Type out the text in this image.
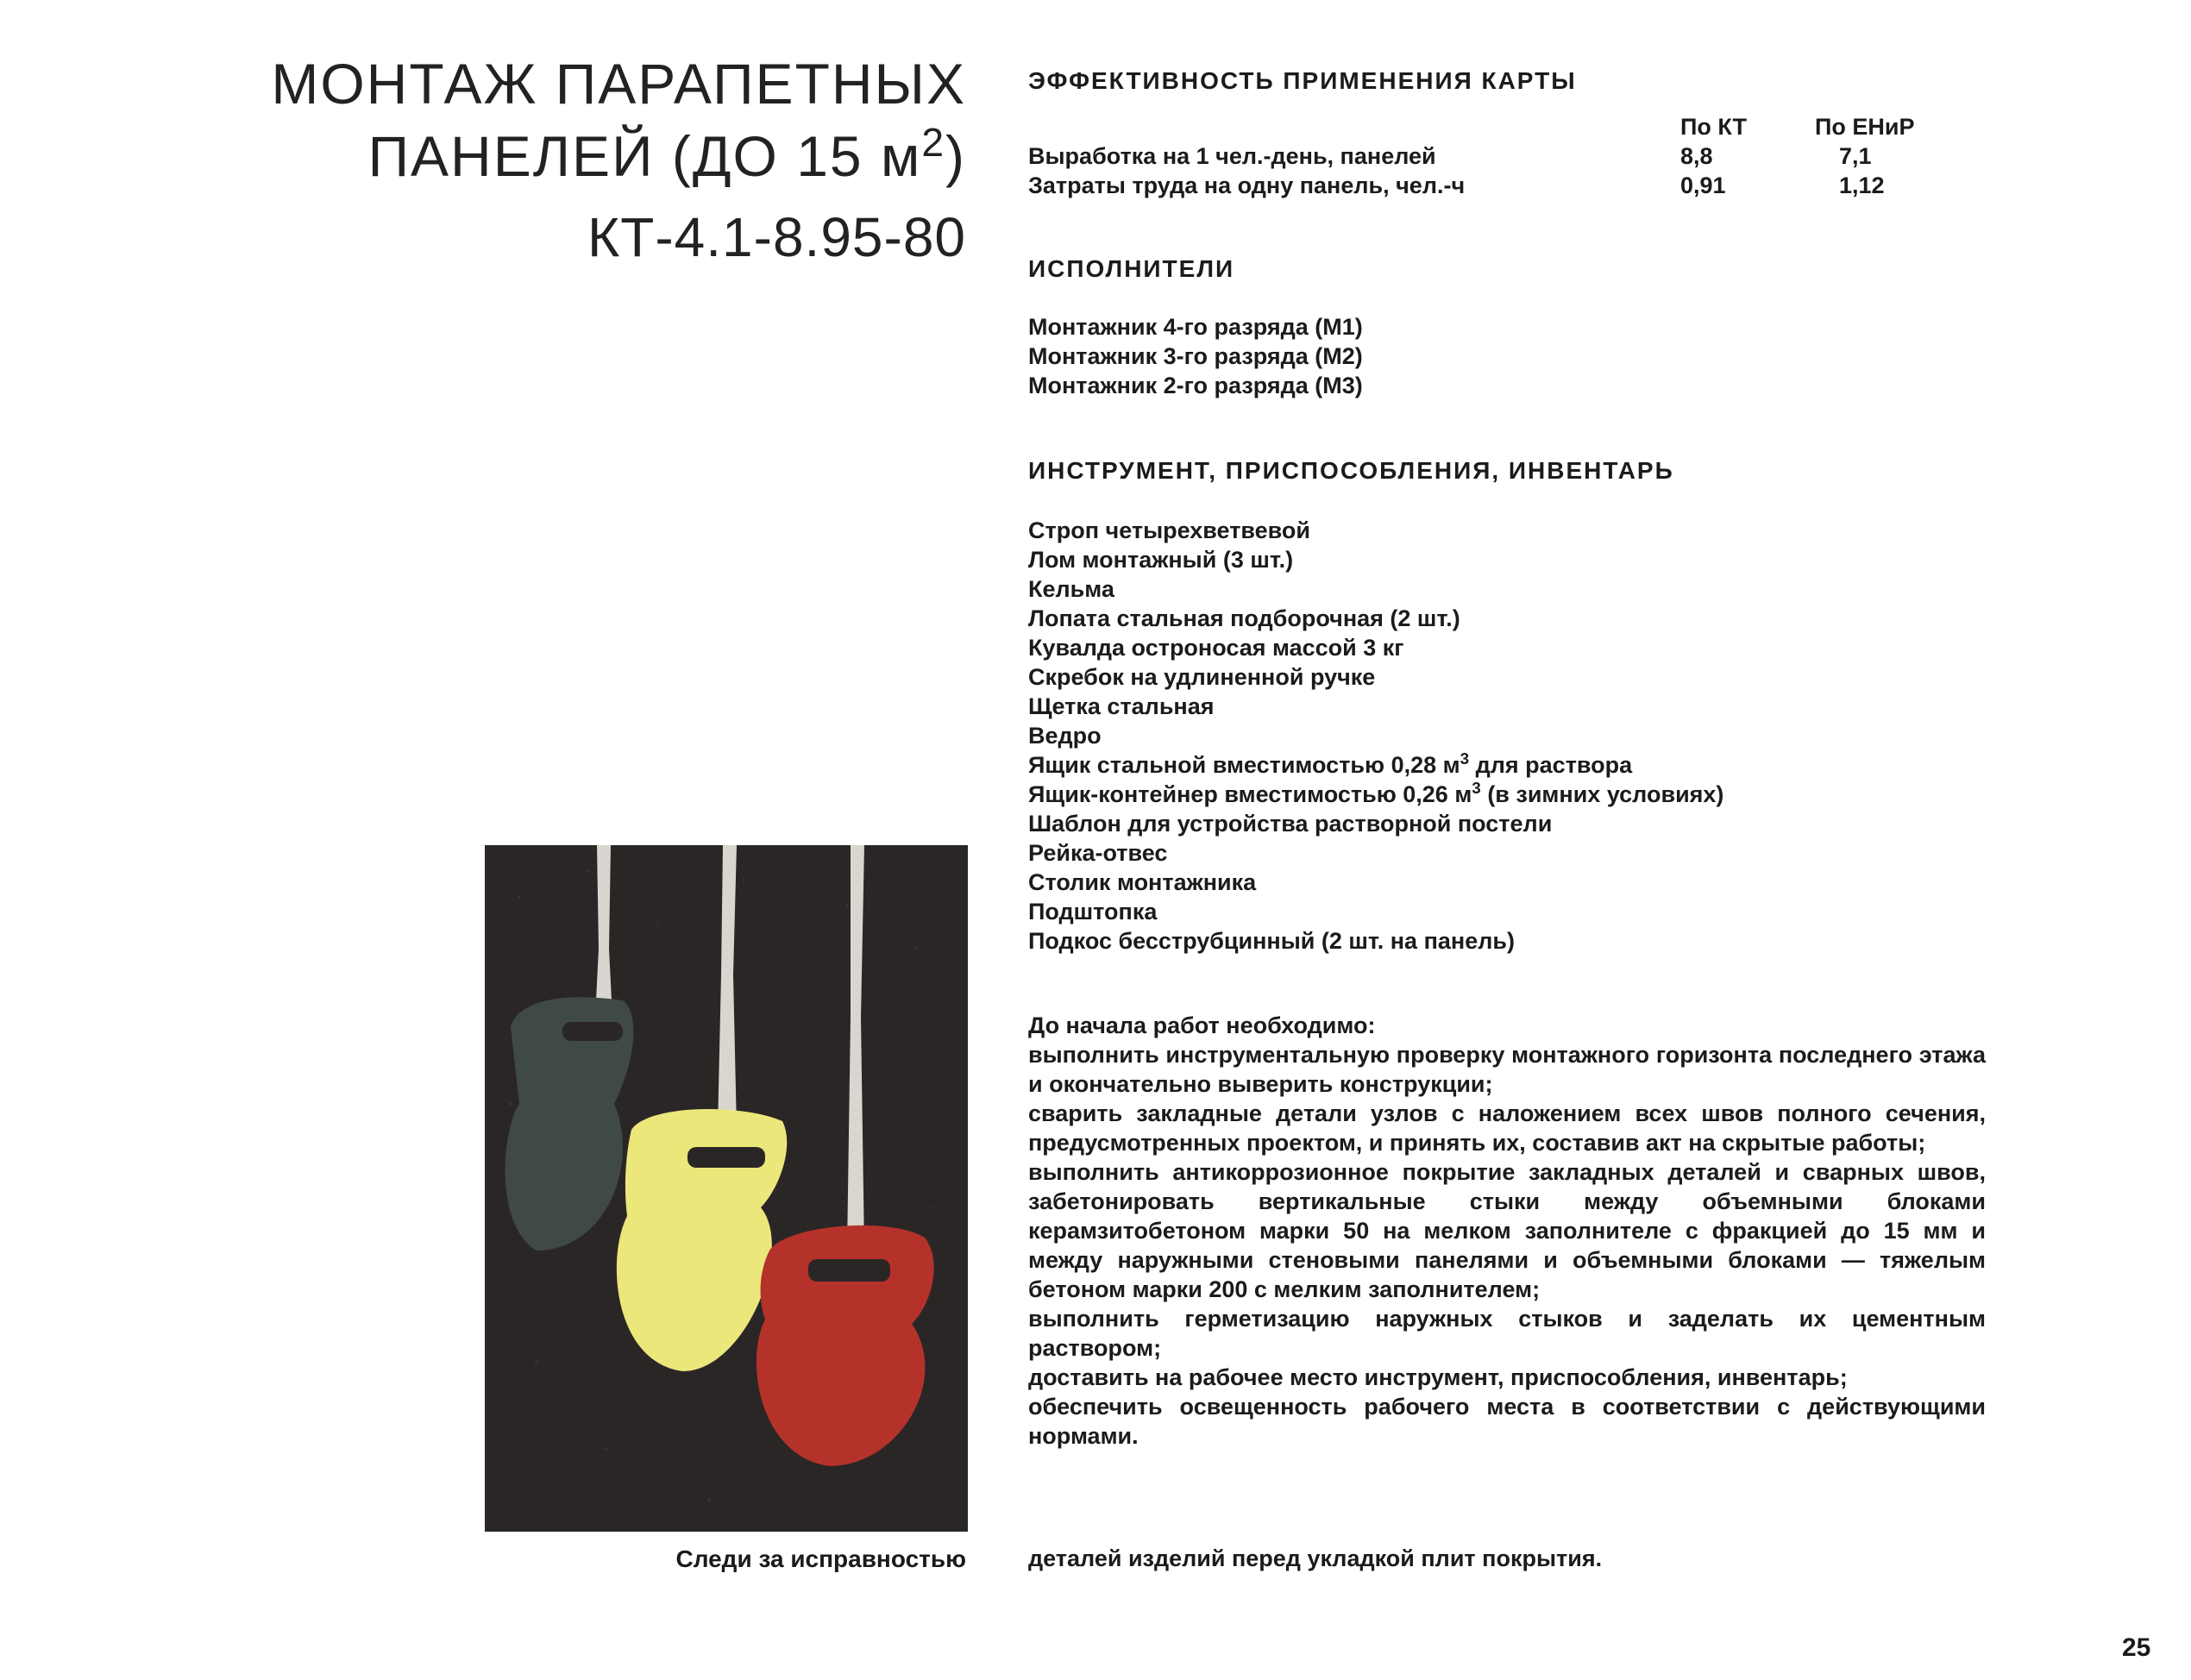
МОНТАЖ ПАРАПЕТНЫХ
ПАНЕЛЕЙ (ДО 15 $м^2$)
КТ-4.1-8.95-80
Следи за исправностью
ЭФФЕКТИВНОСТЬ ПРИМЕНЕНИЯ КАРТЫ
По КТ	По ЕНиР
Выработка на 1 чел.-день, панелей	8,8	7,1
Затраты труда на одну панель, чел.-ч	0,91	1,12
ИСПОЛНИТЕЛИ
Монтажник 4-го разряда (М1)
Монтажник 3-го разряда (М2)
Монтажник 2-го разряда (М3)
ИНСТРУМЕНТ, ПРИСПОСОБЛЕНИЯ, ИНВЕНТАРЬ
Строп четырехветвевой
Лом монтажный (3 шт.)
Кельма
Лопата стальная подборочная (2 шт.)
Кувалда остроносая массой 3 кг
Скребок на удлиненной ручке
Щетка стальная
Ведро
Ящик стальной вместимостью 0,28 $м^3$ для раствора
Ящик-контейнер вместимостью 0,26 $м^3$ (в зимних условиях)
Шаблон для устройства растворной постели
Рейка-отвес
Столик монтажника
Подштопка
Подкос бесструбцинный (2 шт. на панель)

До начала работ необходимо:

выполнить инструментальную проверку монтажного горизонта последнего этажа и окончательно выверить конструкции;

сварить закладные детали узлов с наложением всех швов полного сечения, предусмотренных проектом, и принять их, составив акт на скрытые работы;

выполнить антикоррозионное покрытие закладных деталей и сварных швов, забетонировать вертикальные стыки между объемными блоками керамзитобетоном марки 50 на мелком заполнителе с фракцией до 15 мм и между наружными стеновыми панелями и объемными блоками — тяжелым бетоном марки 200 с мелким заполнителем;

выполнить герметизацию наружных стыков и заделать их цементным раствором;

доставить на рабочее место инструмент, приспособления, инвентарь;

обеспечить освещенность рабочего места в соответствии с действующими нормами.

деталей изделий перед укладкой плит покрытия.
25
